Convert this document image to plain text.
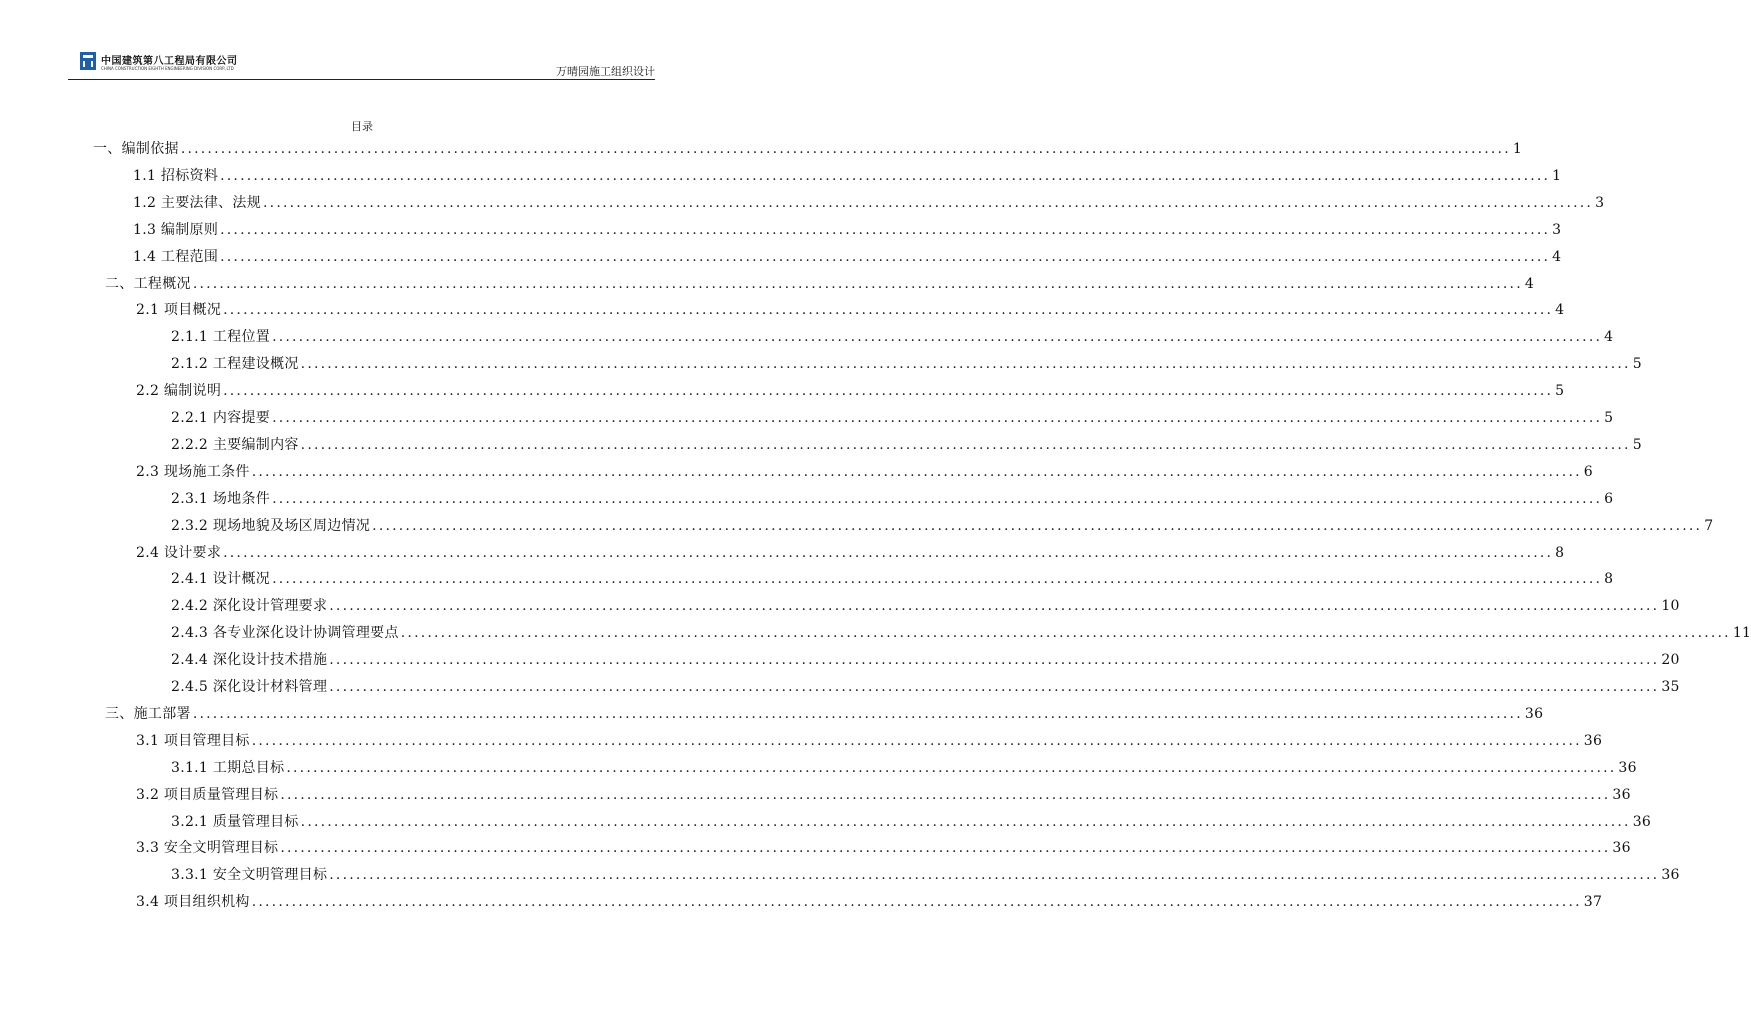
中国建筑第八工程局有限公司
CHINA CONSTRUCTION EIGHTH ENGINEERING DIVISION CORP.,LTD	万晴园施工组织设计
目录
一、编制依据 ........................................................................................................................................................................................................ 1
1.1 招标资料 ........................................................................................................................................................................................................ 1
1.2 主要法律、法规 ........................................................................................................................................................................................................ 3
1.3 编制原则 ........................................................................................................................................................................................................ 3
1.4 工程范围 ........................................................................................................................................................................................................ 4
二、工程概况 ........................................................................................................................................................................................................ 4
2.1 项目概况 ........................................................................................................................................................................................................ 4
2.1.1 工程位置 ........................................................................................................................................................................................................ 4
2.1.2 工程建设概况 ........................................................................................................................................................................................................ 5
2.2 编制说明 ........................................................................................................................................................................................................ 5
2.2.1 内容提要 ........................................................................................................................................................................................................ 5
2.2.2 主要编制内容 ........................................................................................................................................................................................................ 5
2.3 现场施工条件 ........................................................................................................................................................................................................ 6
2.3.1 场地条件 ........................................................................................................................................................................................................ 6
2.3.2 现场地貌及场区周边情况 ........................................................................................................................................................................................................ 7
2.4 设计要求 ........................................................................................................................................................................................................ 8
2.4.1 设计概况 ........................................................................................................................................................................................................ 8
2.4.2 深化设计管理要求 ........................................................................................................................................................................................................ 10
2.4.3 各专业深化设计协调管理要点 ........................................................................................................................................................................................................ 11
2.4.4 深化设计技术措施 ........................................................................................................................................................................................................ 20
2.4.5 深化设计材料管理 ........................................................................................................................................................................................................ 35
三、施工部署 ........................................................................................................................................................................................................ 36
3.1 项目管理目标 ........................................................................................................................................................................................................ 36
3.1.1 工期总目标 ........................................................................................................................................................................................................ 36
3.2 项目质量管理目标 ........................................................................................................................................................................................................ 36
3.2.1 质量管理目标 ........................................................................................................................................................................................................ 36
3.3 安全文明管理目标 ........................................................................................................................................................................................................ 36
3.3.1 安全文明管理目标 ........................................................................................................................................................................................................ 36
3.4 项目组织机构 ........................................................................................................................................................................................................ 37
